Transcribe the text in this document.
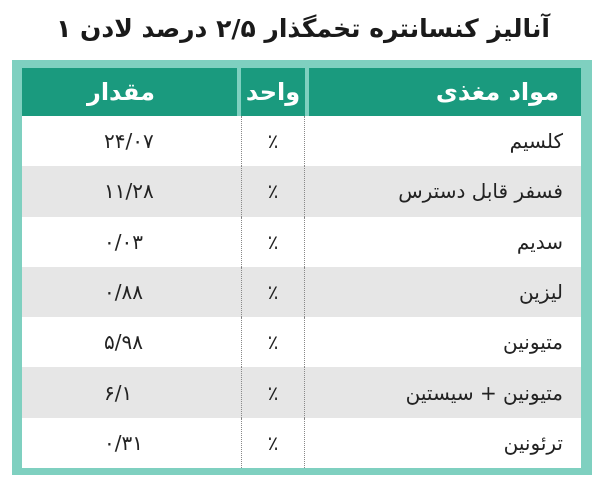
آنالیز کنسانتره تخمگذار ۲/۵ درصد لادن ۱
مواد مغذی
واحد
مقدار
کلسیم
٪
۲۴/۰۷
فسفر قابل دسترس
٪
۱۱/۲۸
سدیم
٪
۰/۰۳
لیزین
٪
۰/۸۸
متیونین
٪
۵/۹۸
متیونین + سیستین
٪
۶/۱
ترئونین
٪
۰/۳۱
